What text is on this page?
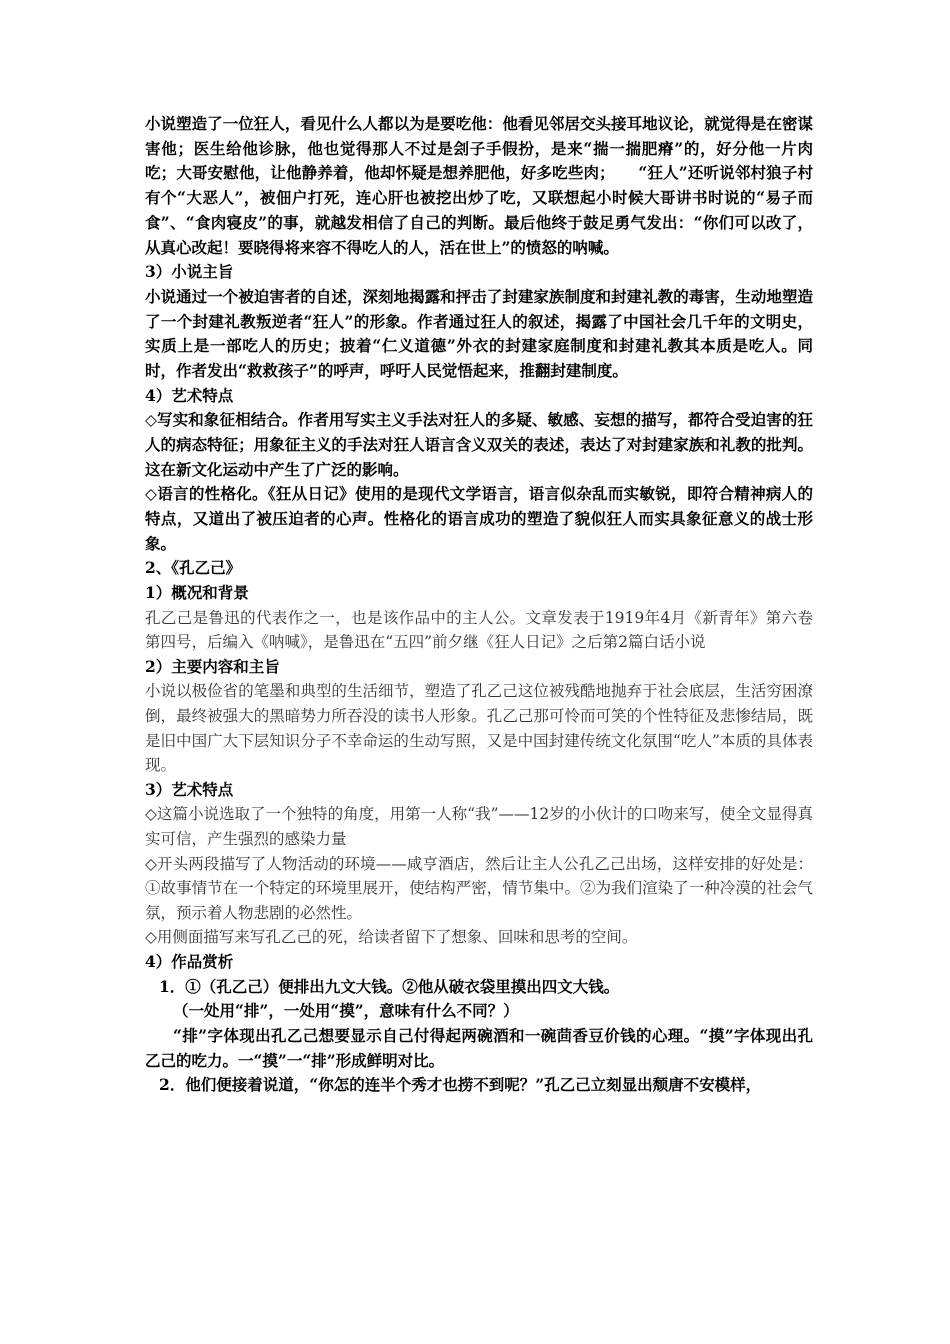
小说塑造了一位狂人，看见什么人都以为是要吃他：他看见邻居交头接耳地议论，就觉得是在密谋害他；医生给他诊脉，他也觉得那人不过是刽子手假扮，是来“揣一揣肥瘠”的，好分他一片肉吃；大哥安慰他，让他静养着，他却怀疑是想养肥他，好多吃些肉；　　“狂人”还听说邻村狼子村有个“大恶人”，被佃户打死，连心肝也被挖出炒了吃，又联想起小时候大哥讲书时说的“易子而食”、“食肉寝皮”的事，就越发相信了自己的判断。最后他终于鼓足勇气发出：“你们可以改了，从真心改起！要晓得将来容不得吃人的人，活在世上”的愤怒的呐喊。

3）小说主旨

小说通过一个被迫害者的自述，深刻地揭露和抨击了封建家族制度和封建礼教的毒害，生动地塑造了一个封建礼教叛逆者“狂人”的形象。作者通过狂人的叙述，揭露了中国社会几千年的文明史，实质上是一部吃人的历史；披着“仁义道德”外衣的封建家庭制度和封建礼教其本质是吃人。同时，作者发出“救救孩子”的呼声，呼吁人民觉悟起来，推翻封建制度。

4）艺术特点

◇写实和象征相结合。作者用写实主义手法对狂人的多疑、敏感、妄想的描写，都符合受迫害的狂人的病态特征；用象征主义的手法对狂人语言含义双关的表述，表达了对封建家族和礼教的批判。这在新文化运动中产生了广泛的影响。

◇语言的性格化。《狂从日记》使用的是现代文学语言，语言似杂乱而实敏锐，即符合精神病人的特点，又道出了被压迫者的心声。性格化的语言成功的塑造了貌似狂人而实具象征意义的战士形象。

2、《孔乙己》

1）概况和背景

孔乙己是鲁迅的代表作之一，也是该作品中的主人公。文章发表于1919年4月《新青年》第六卷第四号，后编入《呐喊》，是鲁迅在“五四”前夕继《狂人日记》之后第2篇白话小说

2）主要内容和主旨

小说以极俭省的笔墨和典型的生活细节，塑造了孔乙己这位被残酷地抛弃于社会底层，生活穷困潦倒，最终被强大的黑暗势力所吞没的读书人形象。孔乙己那可怜而可笑的个性特征及悲惨结局，既是旧中国广大下层知识分子不幸命运的生动写照，又是中国封建传统文化氛围“吃人”本质的具体表现。

3）艺术特点

◇这篇小说选取了一个独特的角度，用第一人称“我”——12岁的小伙计的口吻来写，使全文显得真实可信，产生强烈的感染力量

◇开头两段描写了人物活动的环境——咸亨酒店，然后让主人公孔乙己出场，这样安排的好处是：①故事情节在一个特定的环境里展开，使结构严密，情节集中。②为我们渲染了一种冷漠的社会气氛，预示着人物悲剧的必然性。

◇用侧面描写来写孔乙己的死，给读者留下了想象、回味和思考的空间。

4）作品赏析

1．①（孔乙己）便排出九文大钱。②他从破衣袋里摸出四文大钱。

（一处用“排”，一处用“摸”，意味有什么不同？）

“排”字体现出孔乙己想要显示自己付得起两碗酒和一碗茴香豆价钱的心理。“摸”字体现出孔乙己的吃力。一“摸”一“排”形成鲜明对比。

2．他们便接着说道，“你怎的连半个秀才也捞不到呢？”孔乙己立刻显出颓唐不安模样，
